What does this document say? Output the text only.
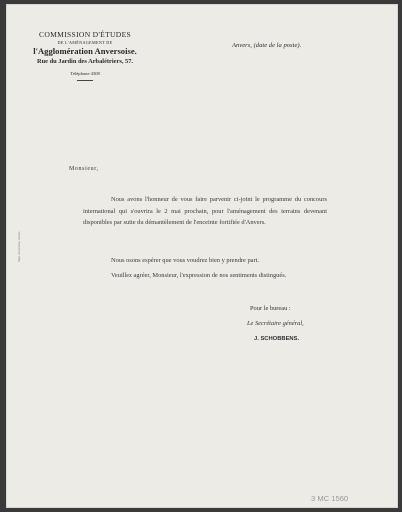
COMMISSION D'ÉTUDES
DE L'AMÉNAGEMENT DE
l'Agglomération Anversoise.
Rue du Jardin des Arbalétriers, 57.
Téléphone 4308
Anvers, (date de la poste).
Impr. Anversoise, Anvers
Monsieur,
Nous avons l'honneur de vous faire parvenir ci-joint le programme du concours international qui s'ouvrira le 2 mai prochain, pour l'aménagement des terrains devenant disponibles par suite du démantèlement de l'enceinte fortifiée d'Anvers.
Nous osons espérer que vous voudrez bien y prendre part.
Veuillez agréer, Monsieur, l'expression de nos sentiments distingués.
Pour le bureau :
Le Secrétaire général,
J. SCHOBBENS.
3 MC 1560
